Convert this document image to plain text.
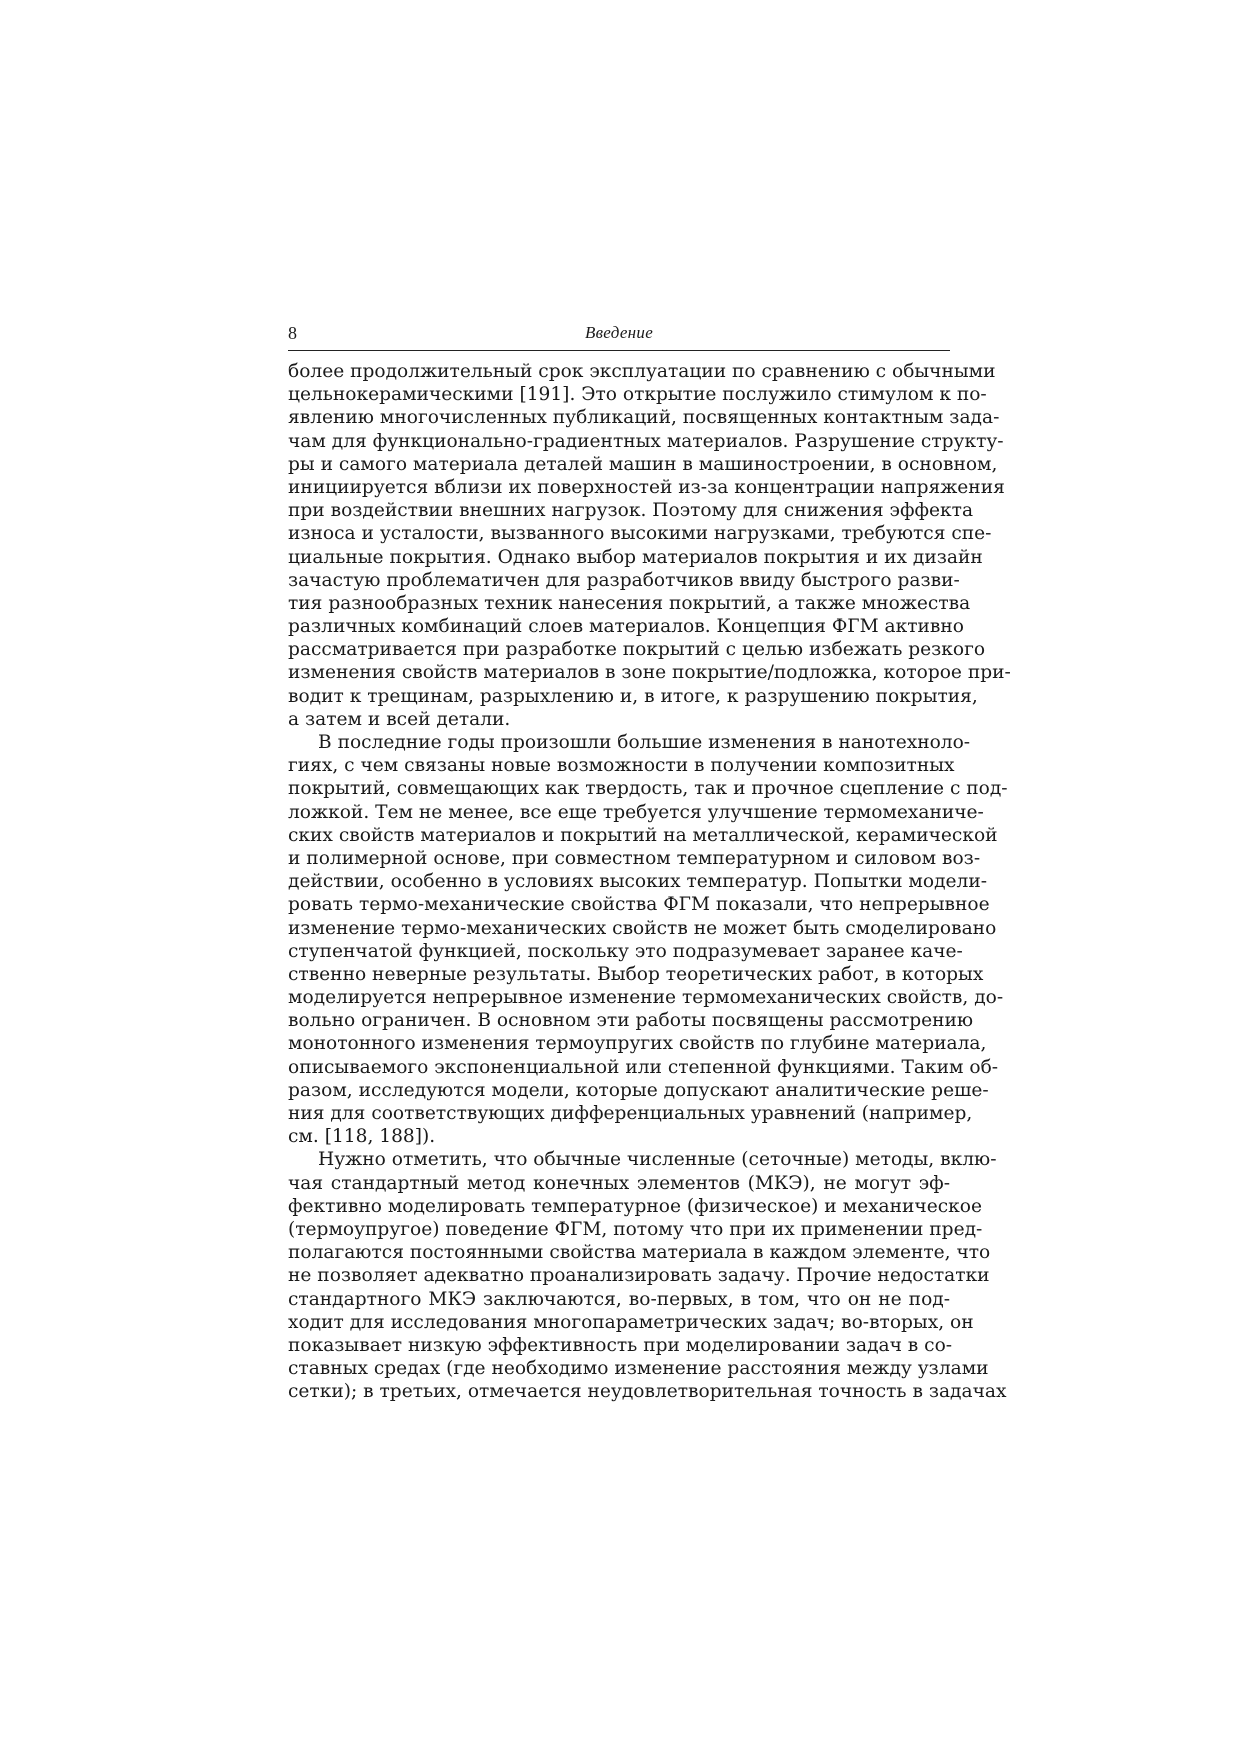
8	Введение
более продолжительный срок эксплуатации по сравнению с обычными
цельнокерамическими [191]. Это открытие послужило стимулом к по-
явлению многочисленных публикаций, посвященных контактным зада-
чам для функционально-градиентных материалов. Разрушение структу-
ры и самого материала деталей машин в машиностроении, в основном,
инициируется вблизи их поверхностей из-за концентрации напряжения
при воздействии внешних нагрузок. Поэтому для снижения эффекта
износа и усталости, вызванного высокими нагрузками, требуются спе-
циальные покрытия. Однако выбор материалов покрытия и их дизайн
зачастую проблематичен для разработчиков ввиду быстрого разви-
тия разнообразных техник нанесения покрытий, а также множества
различных комбинаций слоев материалов. Концепция ФГМ активно
рассматривается при разработке покрытий с целью избежать резкого
изменения свойств материалов в зоне покрытие/подложка, которое при-
водит к трещинам, разрыхлению и, в итоге, к разрушению покрытия,
а затем и всей детали.
В последние годы произошли большие изменения в нанотехноло-
гиях, с чем связаны новые возможности в получении композитных
покрытий, совмещающих как твердость, так и прочное сцепление с под-
ложкой. Тем не менее, все еще требуется улучшение термомеханиче-
ских свойств материалов и покрытий на металлической, керамической
и полимерной основе, при совместном температурном и силовом воз-
действии, особенно в условиях высоких температур. Попытки модели-
ровать термо-механические свойства ФГМ показали, что непрерывное
изменение термо-механических свойств не может быть смоделировано
ступенчатой функцией, поскольку это подразумевает заранее каче-
ственно неверные результаты. Выбор теоретических работ, в которых
моделируется непрерывное изменение термомеханических свойств, до-
вольно ограничен. В основном эти работы посвящены рассмотрению
монотонного изменения термоупругих свойств по глубине материала,
описываемого экспоненциальной или степенной функциями. Таким об-
разом, исследуются модели, которые допускают аналитические реше-
ния для соответствующих дифференциальных уравнений (например,
см. [118, 188]).
Нужно отметить, что обычные численные (сеточные) методы, вклю-
чая стандартный метод конечных элементов (МКЭ), не могут эф-
фективно моделировать температурное (физическое) и механическое
(термоупругое) поведение ФГМ, потому что при их применении пред-
полагаются постоянными свойства материала в каждом элементе, что
не позволяет адекватно проанализировать задачу. Прочие недостатки
стандартного МКЭ заключаются, во-первых, в том, что он не под-
ходит для исследования многопараметрических задач; во-вторых, он
показывает низкую эффективность при моделировании задач в со-
ставных средах (где необходимо изменение расстояния между узлами
сетки); в третьих, отмечается неудовлетворительная точность в задачах
